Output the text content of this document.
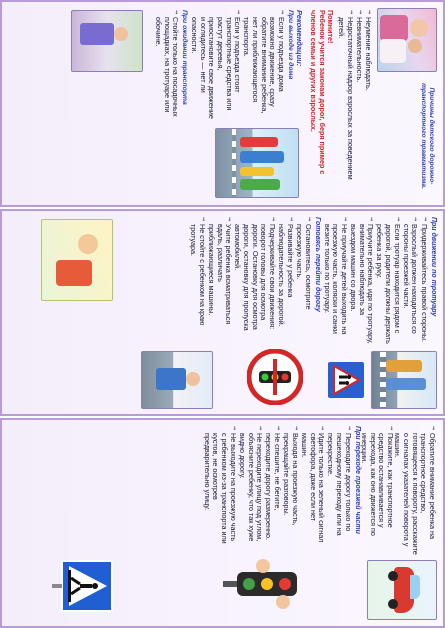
Причины детского дорожно-транспортного травматизма.
⇒ Неумение наблюдать.
⇒ Невнимательность.
⇒ Недостаточный надзор взрослых за поведением детей.
Помните!
Ребенок учится законам дорог, беря пример с членов семьи и других взрослых.
Рекомендации:
При выходе из дома
⇒ Если у подъезда дома возможно движение, сразу обратите внимание ребенка, нет ли приближающегося транспорта.
⇒ Если у подъезда стоят транспортные средства или растут деревья, приостановите свое движение и оглядитесь — нет ли опасности.
При ожидании транспорта
⇒ Стойте только на посадочных площадках, на тротуаре или обочине.
При движении по тротуару
⇒ Придерживайтесь правой стороны.
⇒ Взрослый должен находиться со стороны проезжей части.
⇒ Если тротуар находится рядом с дорогой, родители должны держать ребенка за руку.
⇒ Приучите ребенка, идя по тротуару, внимательно наблюдать за выездом машин со двора.
⇒ Не приучайте детей выходить на проезжую часть, коляски и санки везите только по тротуару.
Готовясь перейти дорогу
⇒ Остановитесь, осмотрите проезжую часть.
⇒ Развивайте у ребенка наблюдательность за дорогой.
⇒ Подчеркивайте свои движения: поворот головы для осмотра дороги. Остановку для осмотра дороги, остановку для пропуска автомобилей.
⇒ Учите ребенка всматриваться вдаль, различать приближающиеся машины.
⇒ Не стойте с ребенком на краю тротуара.
⇒ Обратите внимание ребенка на транспортное средство, готовящееся к повороту, расскажите о сигналах указателей поворота у машин.
⇒ Покажите, как транспортное средство останавливается у перехода, как оно движется по инерции.
При переходе проезжей части
⇒ Переходите дорогу только по пешеходному переходу или на перекрестке.
⇒ Идите только на зеленый сигнал светофора, даже если нет машин.
⇒ Выходя на проезжую часть, прекращайте разговоры.
⇒ Не спешите, не бегите, переходите дорогу размеренно.
⇒ Не переходите улицу под углом, объясните ребенку, что так хуже видно дорогу.
⇒ Не выходите на проезжую часть с ребенком из-за транспорта или кустов, не осмотрев предварительно улицу.
